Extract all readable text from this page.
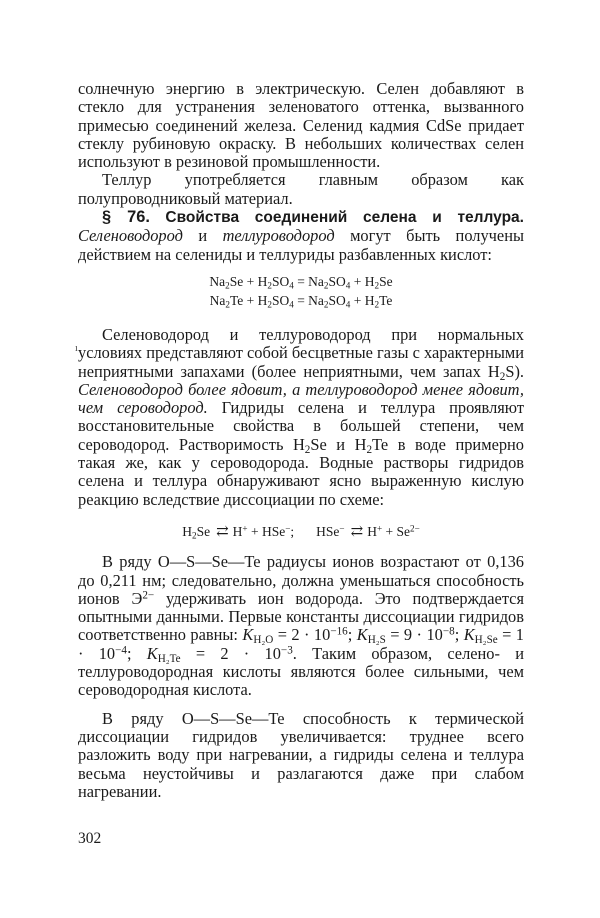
ı

солнечную энергию в электрическую. Селен добавляют в стекло для устранения зеленоватого оттенка, вызванного примесью соединений железа. Селенид кадмия CdSe придает стеклу рубиновую окраску. В небольших количествах селен используют в резиновой промышленности.

Теллур употребляется главным образом как полупроводниковый материал.

§ 76. Свойства соединений селена и теллура. Селеноводород и теллуроводород могут быть получены действием на селениды и теллуриды разбавленных кислот:

$Na_2Se + H_2SO_4 = Na_2SO_4 + H_2Se$

$Na_2Te + H_2SO_4 = Na_2SO_4 + H_2Te$

Селеноводород и теллуроводород при нормальных условиях представляют собой бесцветные газы с характерными неприятными запахами (более неприятными, чем запах $H_2S$). Селеноводород более ядовит, а теллуроводород менее ядовит, чем сероводород. Гидриды селена и теллура проявляют восстановительные свойства в большей степени, чем сероводород. Растворимость $H_2Se$ и $H_2Te$ в воде примерно такая же, как у сероводорода. Водные растворы гидридов селена и теллура обнаруживают ясно выраженную кислую реакцию вследствие диссоциации по схеме:

$H_2Se$ ⇄ H+ + HSe−; HSe− ⇄ $H^+ + Se^{2-}$

В ряду O—S—Se—Te радиусы ионов возрастают от 0,136 до 0,211 нм; следовательно, должна уменьшаться способность ионов $Э^{2-}$ удерживать ион водорода. Это подтверждается опытными данными. Первые константы диссоциации гидридов соответственно равны: $K_{H_2O} = 2 \cdot 10^{-16}$; $K_{H_2S} = 9 \cdot 10^{-8}$; $K_{H_2Se} = 1 \cdot 10^{-4}$; $K_{H_2Te} = 2 \cdot 10^{-3}$. Таким образом, селено- и теллуроводородная кислоты являются более сильными, чем сероводородная кислота.

В ряду O—S—Se—Te способность к термической диссоциации гидридов увеличивается: труднее всего разложить воду при нагревании, а гидриды селена и теллура весьма неустойчивы и разлагаются даже при слабом нагревании.

302
